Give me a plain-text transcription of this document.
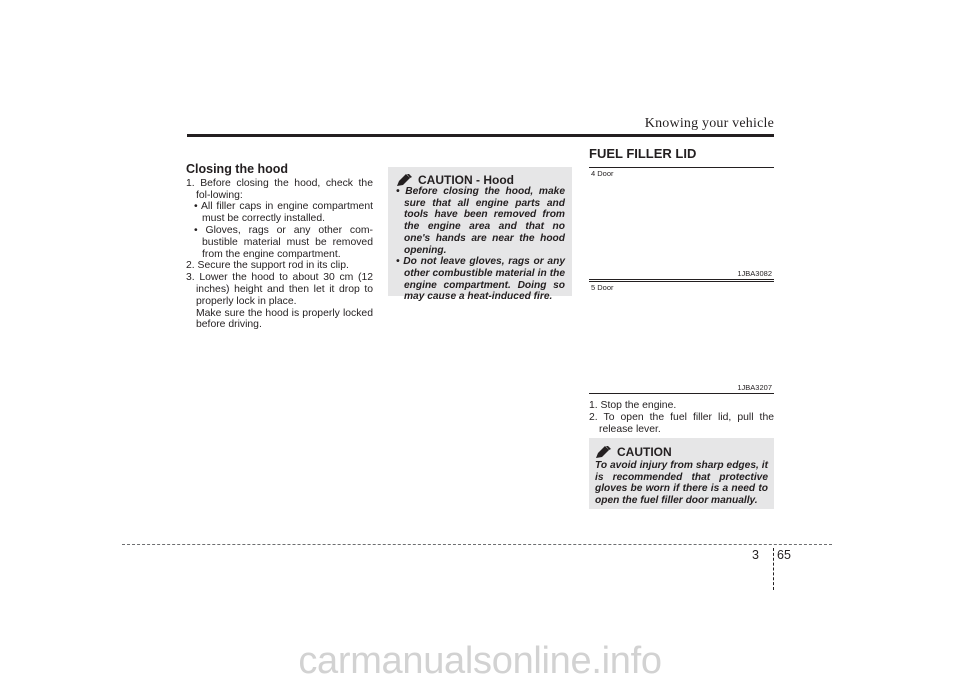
Knowing your vehicle
Closing the hood

1. Before closing the hood, check the fol-lowing:

• All filler caps in engine compartment must be correctly installed.

• Gloves, rags or any other com-bustible material must be removed from the engine compartment.

2. Secure the support rod in its clip.

3. Lower the hood to about 30 cm (12 inches) height and then let it drop to properly lock in place.

Make sure the hood is properly locked before driving.

CAUTION - Hood

• Before closing the hood, make sure that all engine parts and tools have been removed from the engine area and that no one's hands are near the hood opening.

• Do not leave gloves, rags or any other combustible material in the engine compartment. Doing so may cause a heat-induced fire.

FUEL FILLER LID
4 Door
1JBA3082
5 Door
1JBA3207

1. Stop the engine.

2. To open the fuel filler lid, pull the release lever.

CAUTION
To avoid injury from sharp edges, it is recommended that protective gloves be worn if there is a need to open the fuel filler door manually.
3 65
carmanualsonline.info
